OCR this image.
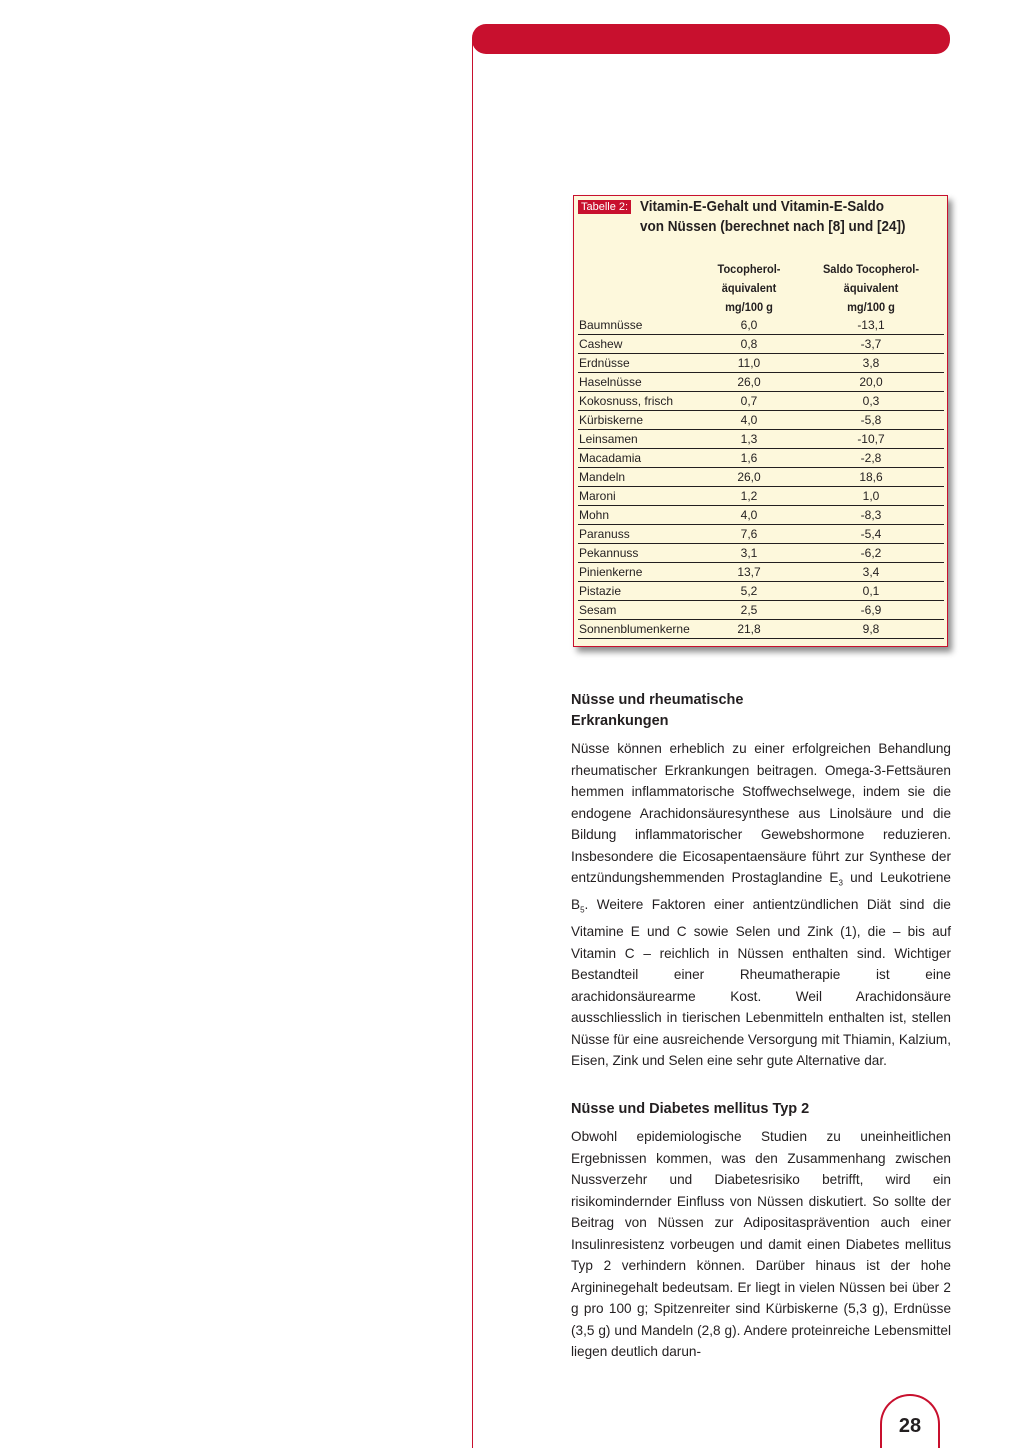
Tabelle 2: Vitamin-E-Gehalt und Vitamin-E-Saldo
von Nüssen (berechnet nach [8] und [24])
Tocopherol-
äquivalent
mg/100 g
Saldo Tocopherol-
äquivalent
mg/100 g
Baumnüsse	6,0	-13,1
Cashew	0,8	-3,7
Erdnüsse	11,0	3,8
Haselnüsse	26,0	20,0
Kokosnuss, frisch	0,7	0,3
Kürbiskerne	4,0	-5,8
Leinsamen	1,3	-10,7
Macadamia	1,6	-2,8
Mandeln	26,0	18,6
Maroni	1,2	1,0
Mohn	4,0	-8,3
Paranuss	7,6	-5,4
Pekannuss	3,1	-6,2
Pinienkerne	13,7	3,4
Pistazie	5,2	0,1
Sesam	2,5	-6,9
Sonnenblumenkerne	21,8	9,8
Nüsse und rheumatische
Erkrankungen

Nüsse können erheblich zu einer erfolgreichen Behandlung rheumatischer Erkrankungen beitragen. Omega-3-Fettsäuren hemmen inflammatorische Stoffwechselwege, indem sie die endogene Arachidonsäuresynthese aus Linolsäure und die Bildung inflammatorischer Gewebshormone reduzieren. Insbesondere die Eicosapentaensäure führt zur Synthese der entzündungshemmenden Prostaglandine $E_3$ und Leukotriene $B_5$. Weitere Faktoren einer antientzündlichen Diät sind die Vitamine E und C sowie Selen und Zink (1), die – bis auf Vitamin C – reichlich in Nüssen enthalten sind. Wichtiger Bestandteil einer Rheumatherapie ist eine arachidonsäurearme Kost. Weil Arachidonsäure ausschliesslich in tierischen Lebenmitteln enthalten ist, stellen Nüsse für eine ausreichende Versorgung mit Thiamin, Kalzium, Eisen, Zink und Selen eine sehr gute Alternative dar.

Nüsse und Diabetes mellitus Typ 2

Obwohl epidemiologische Studien zu uneinheitlichen Ergebnissen kommen, was den Zusammenhang zwischen Nussverzehr und Diabetesrisiko betrifft, wird ein risikomindernder Einfluss von Nüssen diskutiert. So sollte der Beitrag von Nüssen zur Adipositasprävention auch einer Insulinresistenz vorbeugen und damit einen Diabetes mellitus Typ 2 verhindern können. Darüber hinaus ist der hohe Argininegehalt bedeutsam. Er liegt in vielen Nüssen bei über 2 g pro 100 g; Spitzenreiter sind Kürbiskerne (5,3 g), Erdnüsse (3,5 g) und Mandeln (2,8 g). Andere proteinreiche Lebensmittel liegen deutlich darun-

28
